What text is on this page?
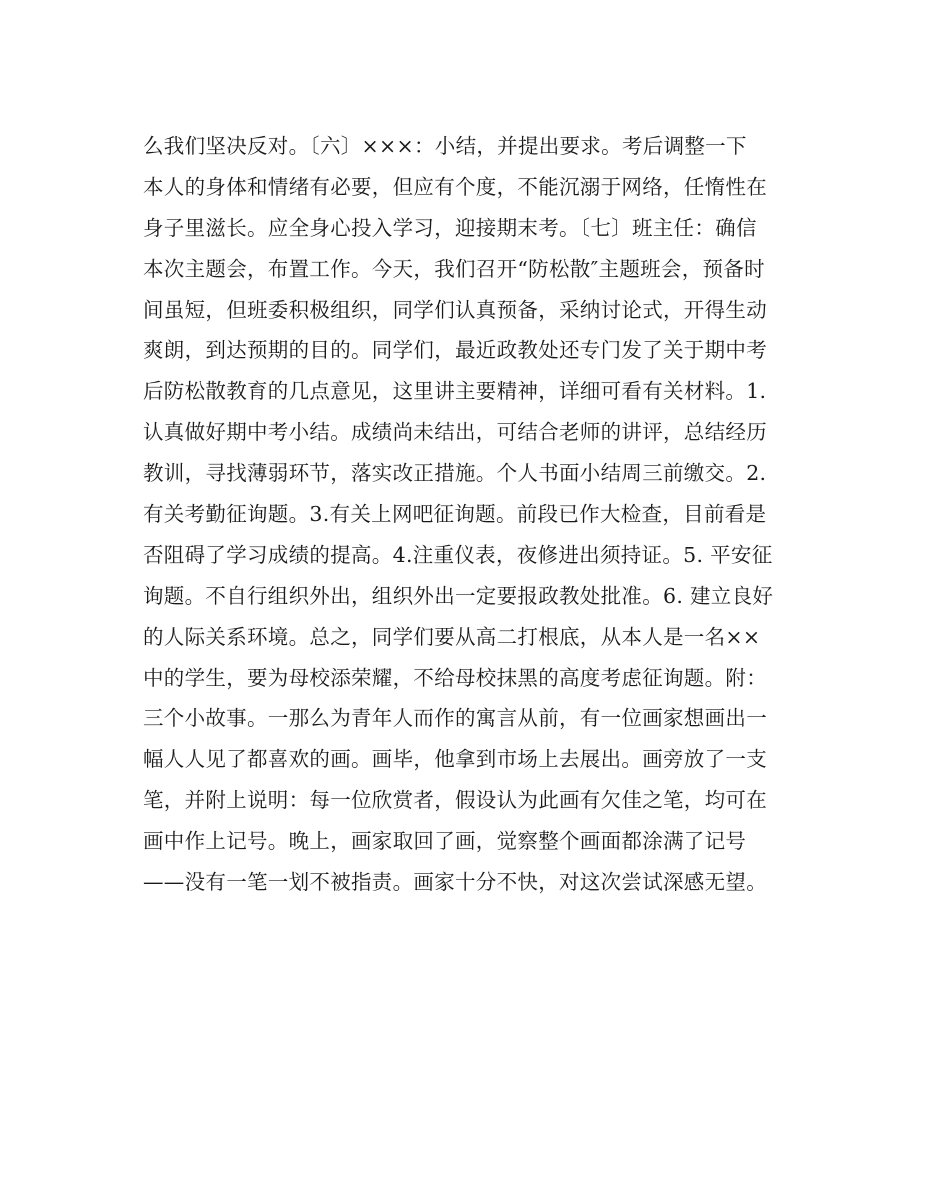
么我们坚决反对。〔六〕×××：小结，并提出要求。考后调整一下
本人的身体和情绪有必要，但应有个度，不能沉溺于网络，任惰性在
身子里滋长。应全身心投入学习，迎接期末考。〔七〕班主任：确信
本次主题会，布置工作。今天，我们召开“防松散″主题班会，预备时
间虽短，但班委积极组织，同学们认真预备，采纳讨论式，开得生动
爽朗，到达预期的目的。同学们，最近政教处还专门发了关于期中考
后防松散教育的几点意见，这里讲主要精神，详细可看有关材料。1.
认真做好期中考小结。成绩尚未结出，可结合老师的讲评，总结经历
教训，寻找薄弱环节，落实改正措施。个人书面小结周三前缴交。2.
有关考勤征询题。3.有关上网吧征询题。前段已作大检查，目前看是
否阻碍了学习成绩的提高。4.注重仪表，夜修进出须持证。5. 平安征
询题。不自行组织外出，组织外出一定要报政教处批准。6. 建立良好
的人际关系环境。总之，同学们要从高二打根底，从本人是一名××
中的学生，要为母校添荣耀，不给母校抹黑的高度考虑征询题。附：
三个小故事。一那么为青年人而作的寓言从前，有一位画家想画出一
幅人人见了都喜欢的画。画毕，他拿到市场上去展出。画旁放了一支
笔，并附上说明：每一位欣赏者，假设认为此画有欠佳之笔，均可在
画中作上记号。晚上，画家取回了画，觉察整个画面都涂满了记号
——没有一笔一划不被指责。画家十分不快，对这次尝试深感无望。
